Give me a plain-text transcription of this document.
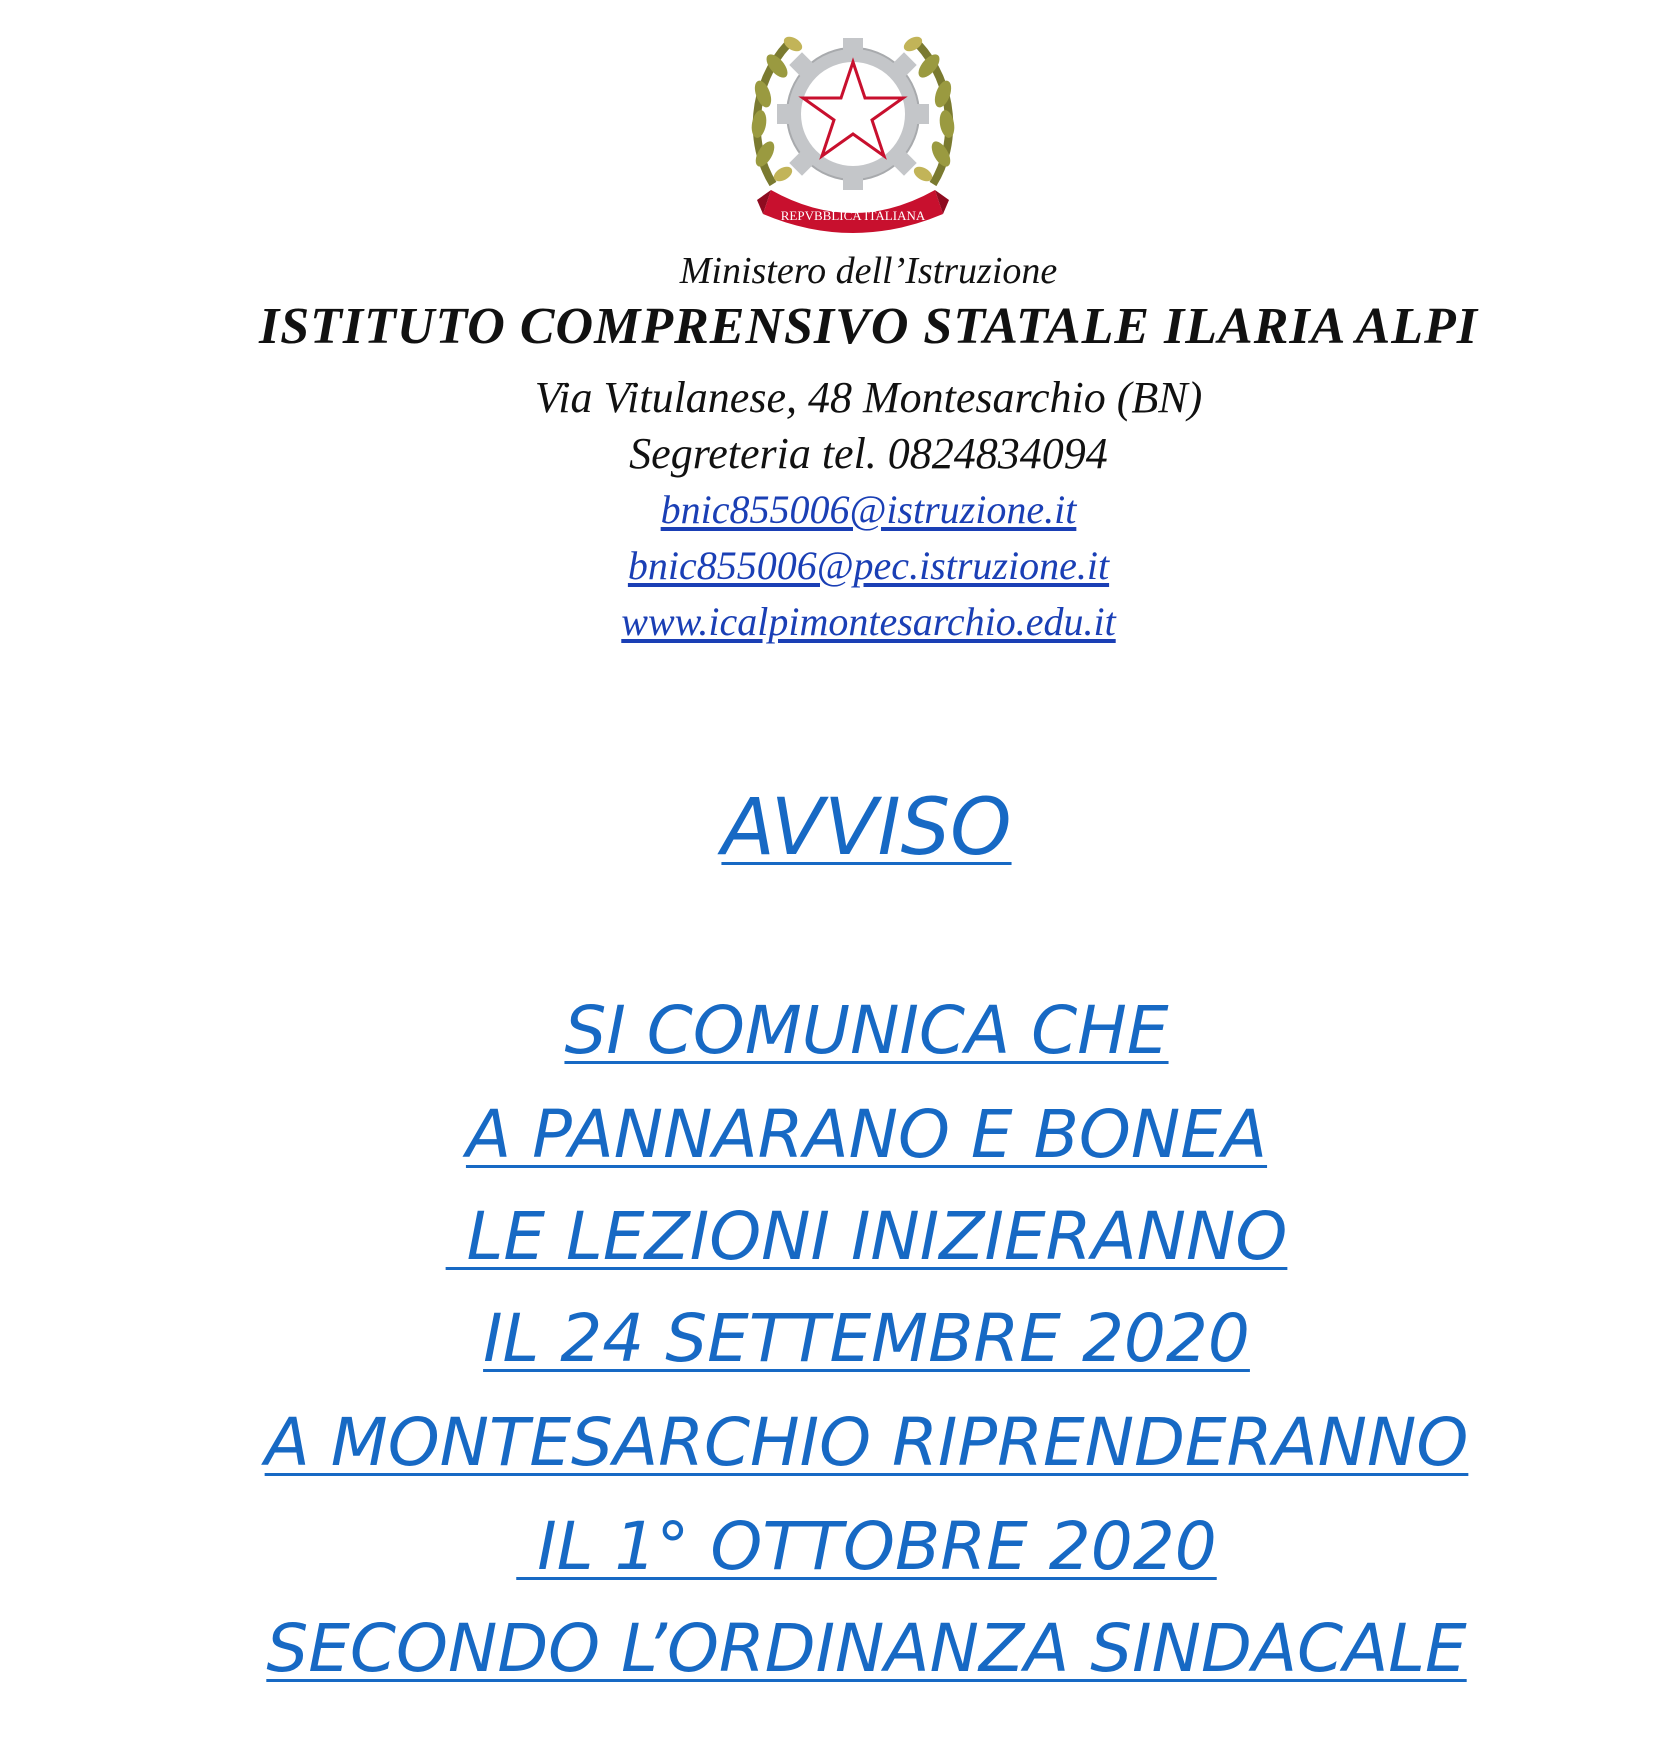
REPVBBLICA ITALIANA
Ministero dell’Istruzione
ISTITUTO COMPRENSIVO STATALE ILARIA ALPI
Via Vitulanese, 48 Montesarchio (BN)
Segreteria tel. 0824834094
bnic855006@istruzione.it
bnic855006@pec.istruzione.it
www.icalpimontesarchio.edu.it
AVVISO
SI COMUNICA CHE
A PANNARANO E BONEA
LE LEZIONI INIZIERANNO
IL 24 SETTEMBRE 2020
A MONTESARCHIO RIPRENDERANNO
IL 1° OTTOBRE 2020
SECONDO L’ORDINANZA SINDACALE
